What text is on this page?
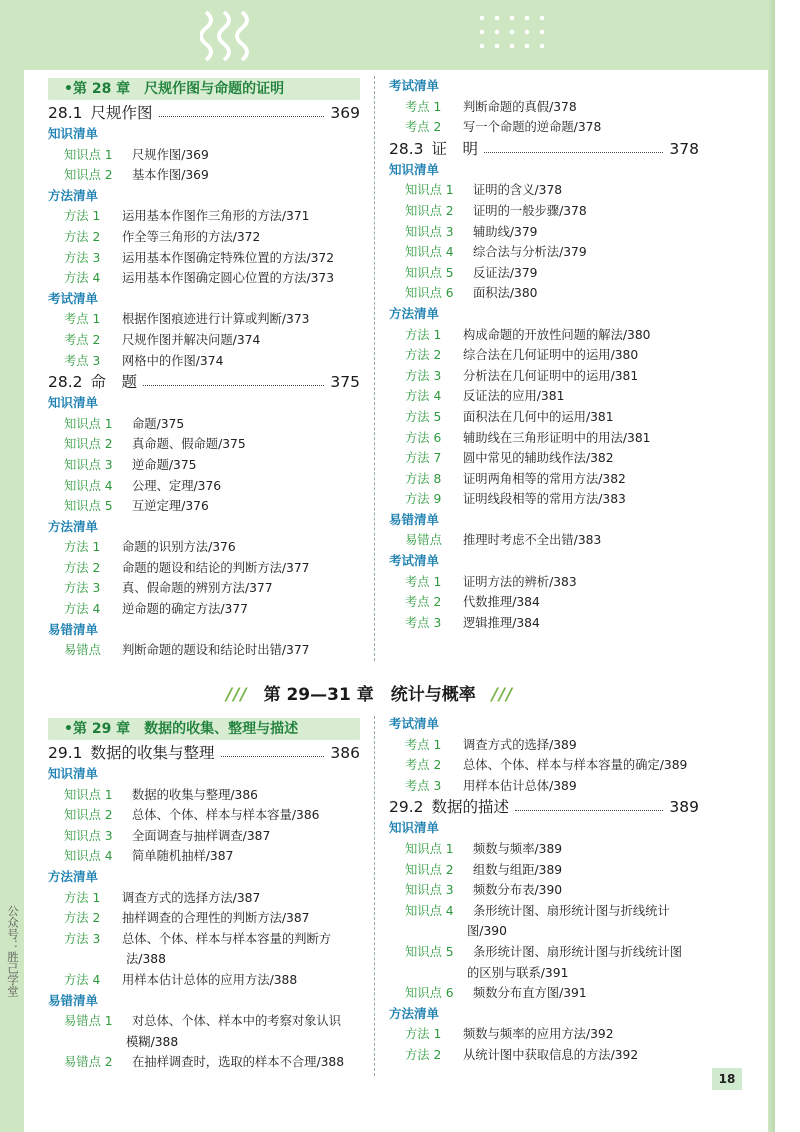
•第 28 章　尺规作图与命题的证明
28.1 尺规作图	369
知识清单
知识点 1 尺规作图/369
知识点 2 基本作图/369
方法清单
方法 1 运用基本作图作三角形的方法/371
方法 2 作全等三角形的方法/372
方法 3 运用基本作图确定特殊位置的方法/372
方法 4 运用基本作图确定圆心位置的方法/373
考试清单
考点 1 根据作图痕迹进行计算或判断/373
考点 2 尺规作图并解决问题/374
考点 3 网格中的作图/374
28.2 命　题	375
知识清单
知识点 1 命题/375
知识点 2 真命题、假命题/375
知识点 3 逆命题/375
知识点 4 公理、定理/376
知识点 5 互逆定理/376
方法清单
方法 1 命题的识别方法/376
方法 2 命题的题设和结论的判断方法/377
方法 3 真、假命题的辨别方法/377
方法 4 逆命题的确定方法/377
易错清单
易错点 判断命题的题设和结论时出错/377
考试清单
考点 1 判断命题的真假/378
考点 2 写一个命题的逆命题/378
28.3 证　明	378
知识清单
知识点 1 证明的含义/378
知识点 2 证明的一般步骤/378
知识点 3 辅助线/379
知识点 4 综合法与分析法/379
知识点 5 反证法/379
知识点 6 面积法/380
方法清单
方法 1 构成命题的开放性问题的解法/380
方法 2 综合法在几何证明中的运用/380
方法 3 分析法在几何证明中的运用/381
方法 4 反证法的应用/381
方法 5 面积法在几何中的运用/381
方法 6 辅助线在三角形证明中的用法/381
方法 7 圆中常见的辅助线作法/382
方法 8 证明两角相等的常用方法/382
方法 9 证明线段相等的常用方法/383
易错清单
易错点 推理时考虑不全出错/383
考试清单
考点 1 证明方法的辨析/383
考点 2 代数推理/384
考点 3 逻辑推理/384
/// 第 29—31 章　统计与概率 ///
•第 29 章　数据的收集、整理与描述
29.1 数据的收集与整理	386
知识清单
知识点 1 数据的收集与整理/386
知识点 2 总体、个体、样本与样本容量/386
知识点 3 全面调查与抽样调查/387
知识点 4 简单随机抽样/387
方法清单
方法 1 调查方式的选择方法/387
方法 2 抽样调查的合理性的判断方法/387
方法 3 总体、个体、样本与样本容量的判断方
法/388
方法 4 用样本估计总体的应用方法/388
易错清单
易错点 1 对总体、个体、样本中的考察对象认识
模糊/388
易错点 2 在抽样调查时，选取的样本不合理/388
考试清单
考点 1 调查方式的选择/389
考点 2 总体、个体、样本与样本容量的确定/389
考点 3 用样本估计总体/389
29.2 数据的描述	389
知识清单
知识点 1 频数与频率/389
知识点 2 组数与组距/389
知识点 3 频数分布表/390
知识点 4 条形统计图、扇形统计图与折线统计
图/390
知识点 5 条形统计图、扇形统计图与折线统计图
的区别与联系/391
知识点 6 频数分布直方图/391
方法清单
方法 1 频数与频率的应用方法/392
方法 2 从统计图中获取信息的方法/392
公众号：胜己学堂
18
